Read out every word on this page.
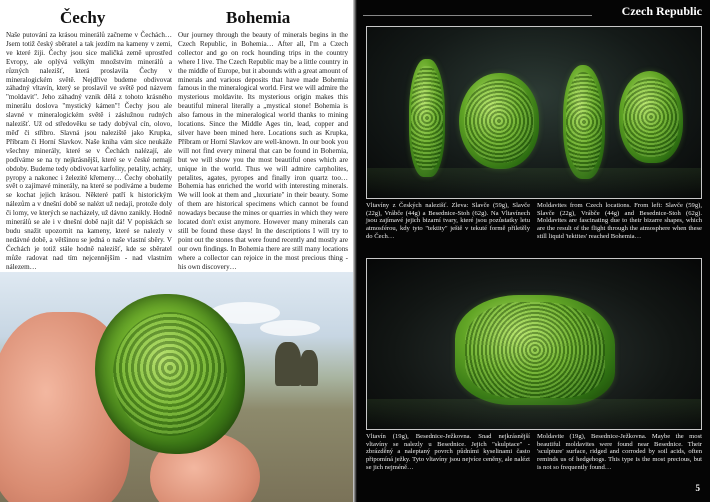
Čechy	Bohemia
Naše putování za krásou minerálů začneme v Čechách… Jsem totiž český sběratel a tak jezdím na kameny v zemi, ve které žiji. Čechy jsou sice maličká země uprostřed Evropy, ale oplývá velkým množstvím minerálů a různých nalezišť, která proslavila Čechy v mineralogickém světě. Nejdříve budeme obdivovat záhadný vltavín, který se proslavil ve světě pod názvem "moldavit". Jeho záhadný vznik dělá z tohoto krásného minerálu doslova "mystický kámen"! Čechy jsou ale slavné v mineralogickém světě i záslužnou rudných nalezišť. Už od středověku se tady dobýval cín, olovo, měď či stříbro. Slavná jsou naleziště jako Krupka, Příbram či Horní Slavkov. Naše kniha vám sice neukáže všechny minerály, které se v Čechách nalézají, ale podíváme se na ty nejkrásnější, které se v české nemají obdoby. Budeme tedy obdivovat karfolity, petality, acháty, pyropy a nakonec i železité křemeny… Čechy obohatily svět o zajímavé minerály, na které se podíváme a budeme se kochat jejich krásou. Některé patří k historickým nálezům a v dnešní době se nalézt už nedají, protože doly či lomy, ve kterých se nacházely, už dávno zanikly. Hodně minerálů se ale i v dnešní době najít dá! V popiskách se budu snažit upozornit na kameny, které se nalezly v nedávné době, a většinou se jedná o naše vlastní sběry. V Čechách je totiž stále hodně nalezišť, kde se sběratel může radovat nad tím nejcennějším - nad vlastním nálezem…
Our journey through the beauty of minerals begins in the Czech Republic, in Bohemia… After all, I'm a Czech collector and go on rock hounding trips in the country where I live. The Czech Republic may be a little country in the middle of Europe, but it abounds with a great amount of minerals and various deposits that have made Bohemia famous in the mineralogical world. First we will admire the mysterious moldavite. Its mysterious origin makes this beautiful mineral literally a „mystical stone! Bohemia is also famous in the mineralogical world thanks to mining locations. Since the Middle Ages tin, lead, copper and silver have been mined here. Locations such as Krupka, Příbram or Horní Slavkov are well-known. In our book you will not find every mineral that can be found in Bohemia, but we will show you the most beautiful ones which are unique in the world. Thus we will admire carpholites, petalites, agates, pyropes and finally iron quartz too… Bohemia has enriched the world with interesting minerals. We will look at them and „luxuriate" in their beauty. Some of them are historical specimens which cannot be found nowadays because the mines or quarries in which they were located don't exist anymore. However many minerals can still be found these days! In the descriptions I will try to point out the stones that were found recently and mostly are our own findings. In Bohemia there are still many locations where a collector can rejoice in the most precious thing - his own discovery…
Czech Republic
Vltavíny z Českých nalezišť. Zleva: Slavče (59g), Slavče (22g), Vrábče (44g) a Besednice-Stoh (62g). Na Vltavínech jsou zajímavé jejich bizarní tvary, které jsou pozůstatky letu atmosférou, kdy tyto "tektity" ještě v tekuté formě přiletěly do Čech…
Moldavites from Czech locations. From left: Slavče (59g), Slavče (22g), Vrábče (44g) and Besednice-Stoh (62g). Moldavites are fascinating due to their bizarre shapes, which are the result of the flight through the atmosphere when these still liquid 'tektites' reached Bohemia…
Vltavín (19g), Besednice-Ježkovna. Snad nejkrásnější vltavíny se nalezly u Besednice. Jejich "skulptace" - zbrázděný a naleptaný povrch půdními kyselinami často připomíná ježky. Tyto vltavíny jsou nejvíce ceněny, ale nalézt se jich nejméně…
Moldavite (19g), Besednice-Ježkovna. Maybe the most beautiful moldavites were found near Besednice. Their 'sculpture' surface, ridged and corroded by soil acids, often reminds us of hedgehogs. This type is the most precious, but is not so frequently found…
5
